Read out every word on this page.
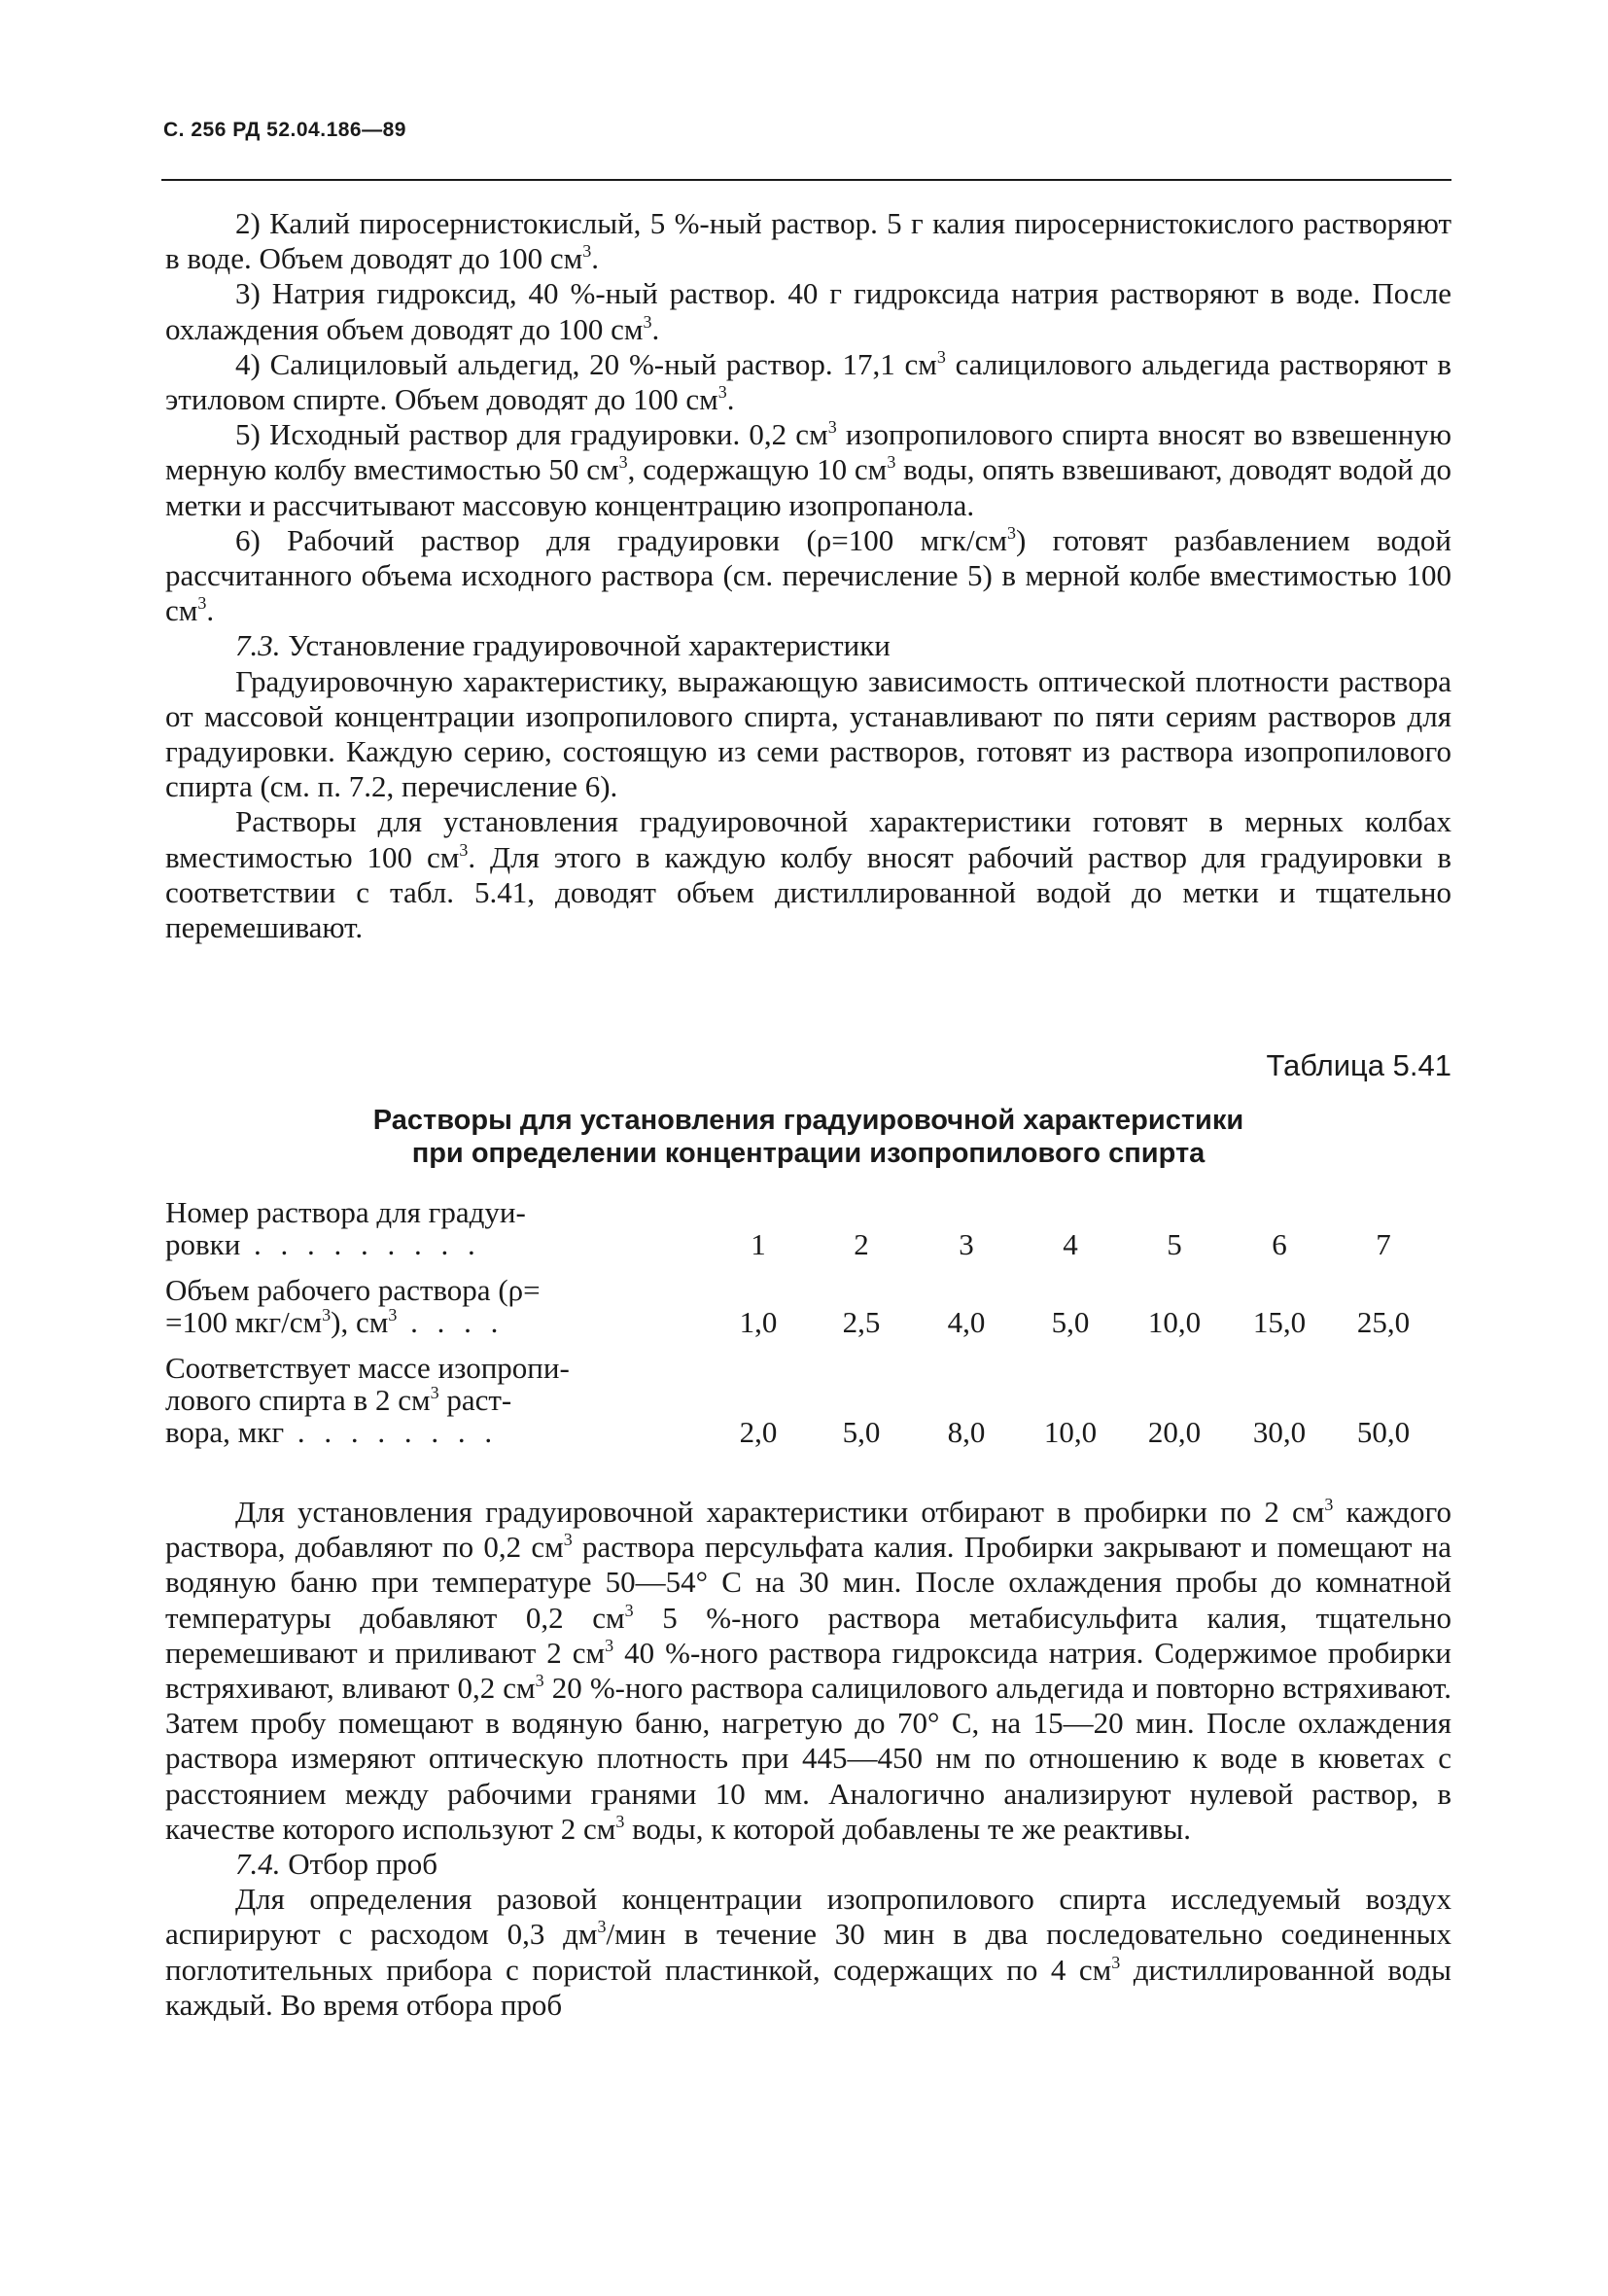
С. 256 РД 52.04.186—89

2) Калий пиросернистокислый, 5 %-ный раствор. 5 г калия пиросернистокислого растворяют в воде. Объем доводят до 100 $см^3$.

3) Натрия гидроксид, 40 %-ный раствор. 40 г гидроксида натрия растворяют в воде. После охлаждения объем доводят до 100 $см^3$.

4) Салициловый альдегид, 20 %-ный раствор. 17,1 $см^3$ салицилового альдегида растворяют в этиловом спирте. Объем доводят до 100 $см^3$.

5) Исходный раствор для градуировки. 0,2 $см^3$ изопропилового спирта вносят во взвешенную мерную колбу вместимостью 50 $см^3$, содержащую 10 $см^3$ воды, опять взвешивают, доводят водой до метки и рассчитывают массовую концентрацию изопропанола.

6) Рабочий раствор для градуировки (ρ=100 мгк/$см^3$) готовят разбавлением водой рассчитанного объема исходного раствора (см. перечисление 5) в мерной колбе вместимостью 100 $см^3$.

7.3. Установление градуировочной характеристики

Градуировочную характеристику, выражающую зависимость оптической плотности раствора от массовой концентрации изопропилового спирта, устанавливают по пяти сериям растворов для градуировки. Каждую серию, состоящую из семи растворов, готовят из раствора изопропилового спирта (см. п. 7.2, перечисление 6).

Растворы для установления градуировочной характеристики готовят в мерных колбах вместимостью 100 $см^3$. Для этого в каждую колбу вносят рабочий раствор для градуировки в соответствии с табл. 5.41, доводят объем дистиллированной водой до метки и тщательно перемешивают.

Таблица 5.41
Растворы для установления градуировочной характеристики
при определении концентрации изопропилового спирта
Номер раствора для градуи-
ровки . . . . . . . . .	1	2	3	4	5	6	7
Объем рабочего раствора (ρ=
=100 мкг/$см^3$), $см^3$ . . . .	1,0	2,5	4,0	5,0	10,0	15,0	25,0
Соответствует массе изопропи-
лового спирта в 2 $см^3$ раст-
вора, мкг . . . . . . . .	2,0	5,0	8,0	10,0	20,0	30,0	50,0

Для установления градуировочной характеристики отбирают в пробирки по 2 $см^3$ каждого раствора, добавляют по 0,2 $см^3$ раствора персульфата калия. Пробирки закрывают и помещают на водяную баню при температуре 50—54° С на 30 мин. После охлаждения пробы до комнатной температуры добавляют 0,2 $см^3$ 5 %-ного раствора метабисульфита калия, тщательно перемешивают и приливают 2 $см^3$ 40 %-ного раствора гидроксида натрия. Содержимое пробирки встряхивают, вливают 0,2 $см^3$ 20 %-ного раствора салицилового альдегида и повторно встряхивают. Затем пробу помещают в водяную баню, нагретую до 70° С, на 15—20 мин. После охлаждения раствора измеряют оптическую плотность при 445—450 нм по отношению к воде в кюветах с расстоянием между рабочими гранями 10 мм. Аналогично анализируют нулевой раствор, в качестве которого используют 2 $см^3$ воды, к которой добавлены те же реактивы.

7.4. Отбор проб

Для определения разовой концентрации изопропилового спирта исследуемый воздух аспирируют с расходом 0,3 $дм^3$/мин в течение 30 мин в два последовательно соединенных поглотительных прибора с пористой пластинкой, содержащих по 4 $см^3$ дистиллированной воды каждый. Во время отбора проб
